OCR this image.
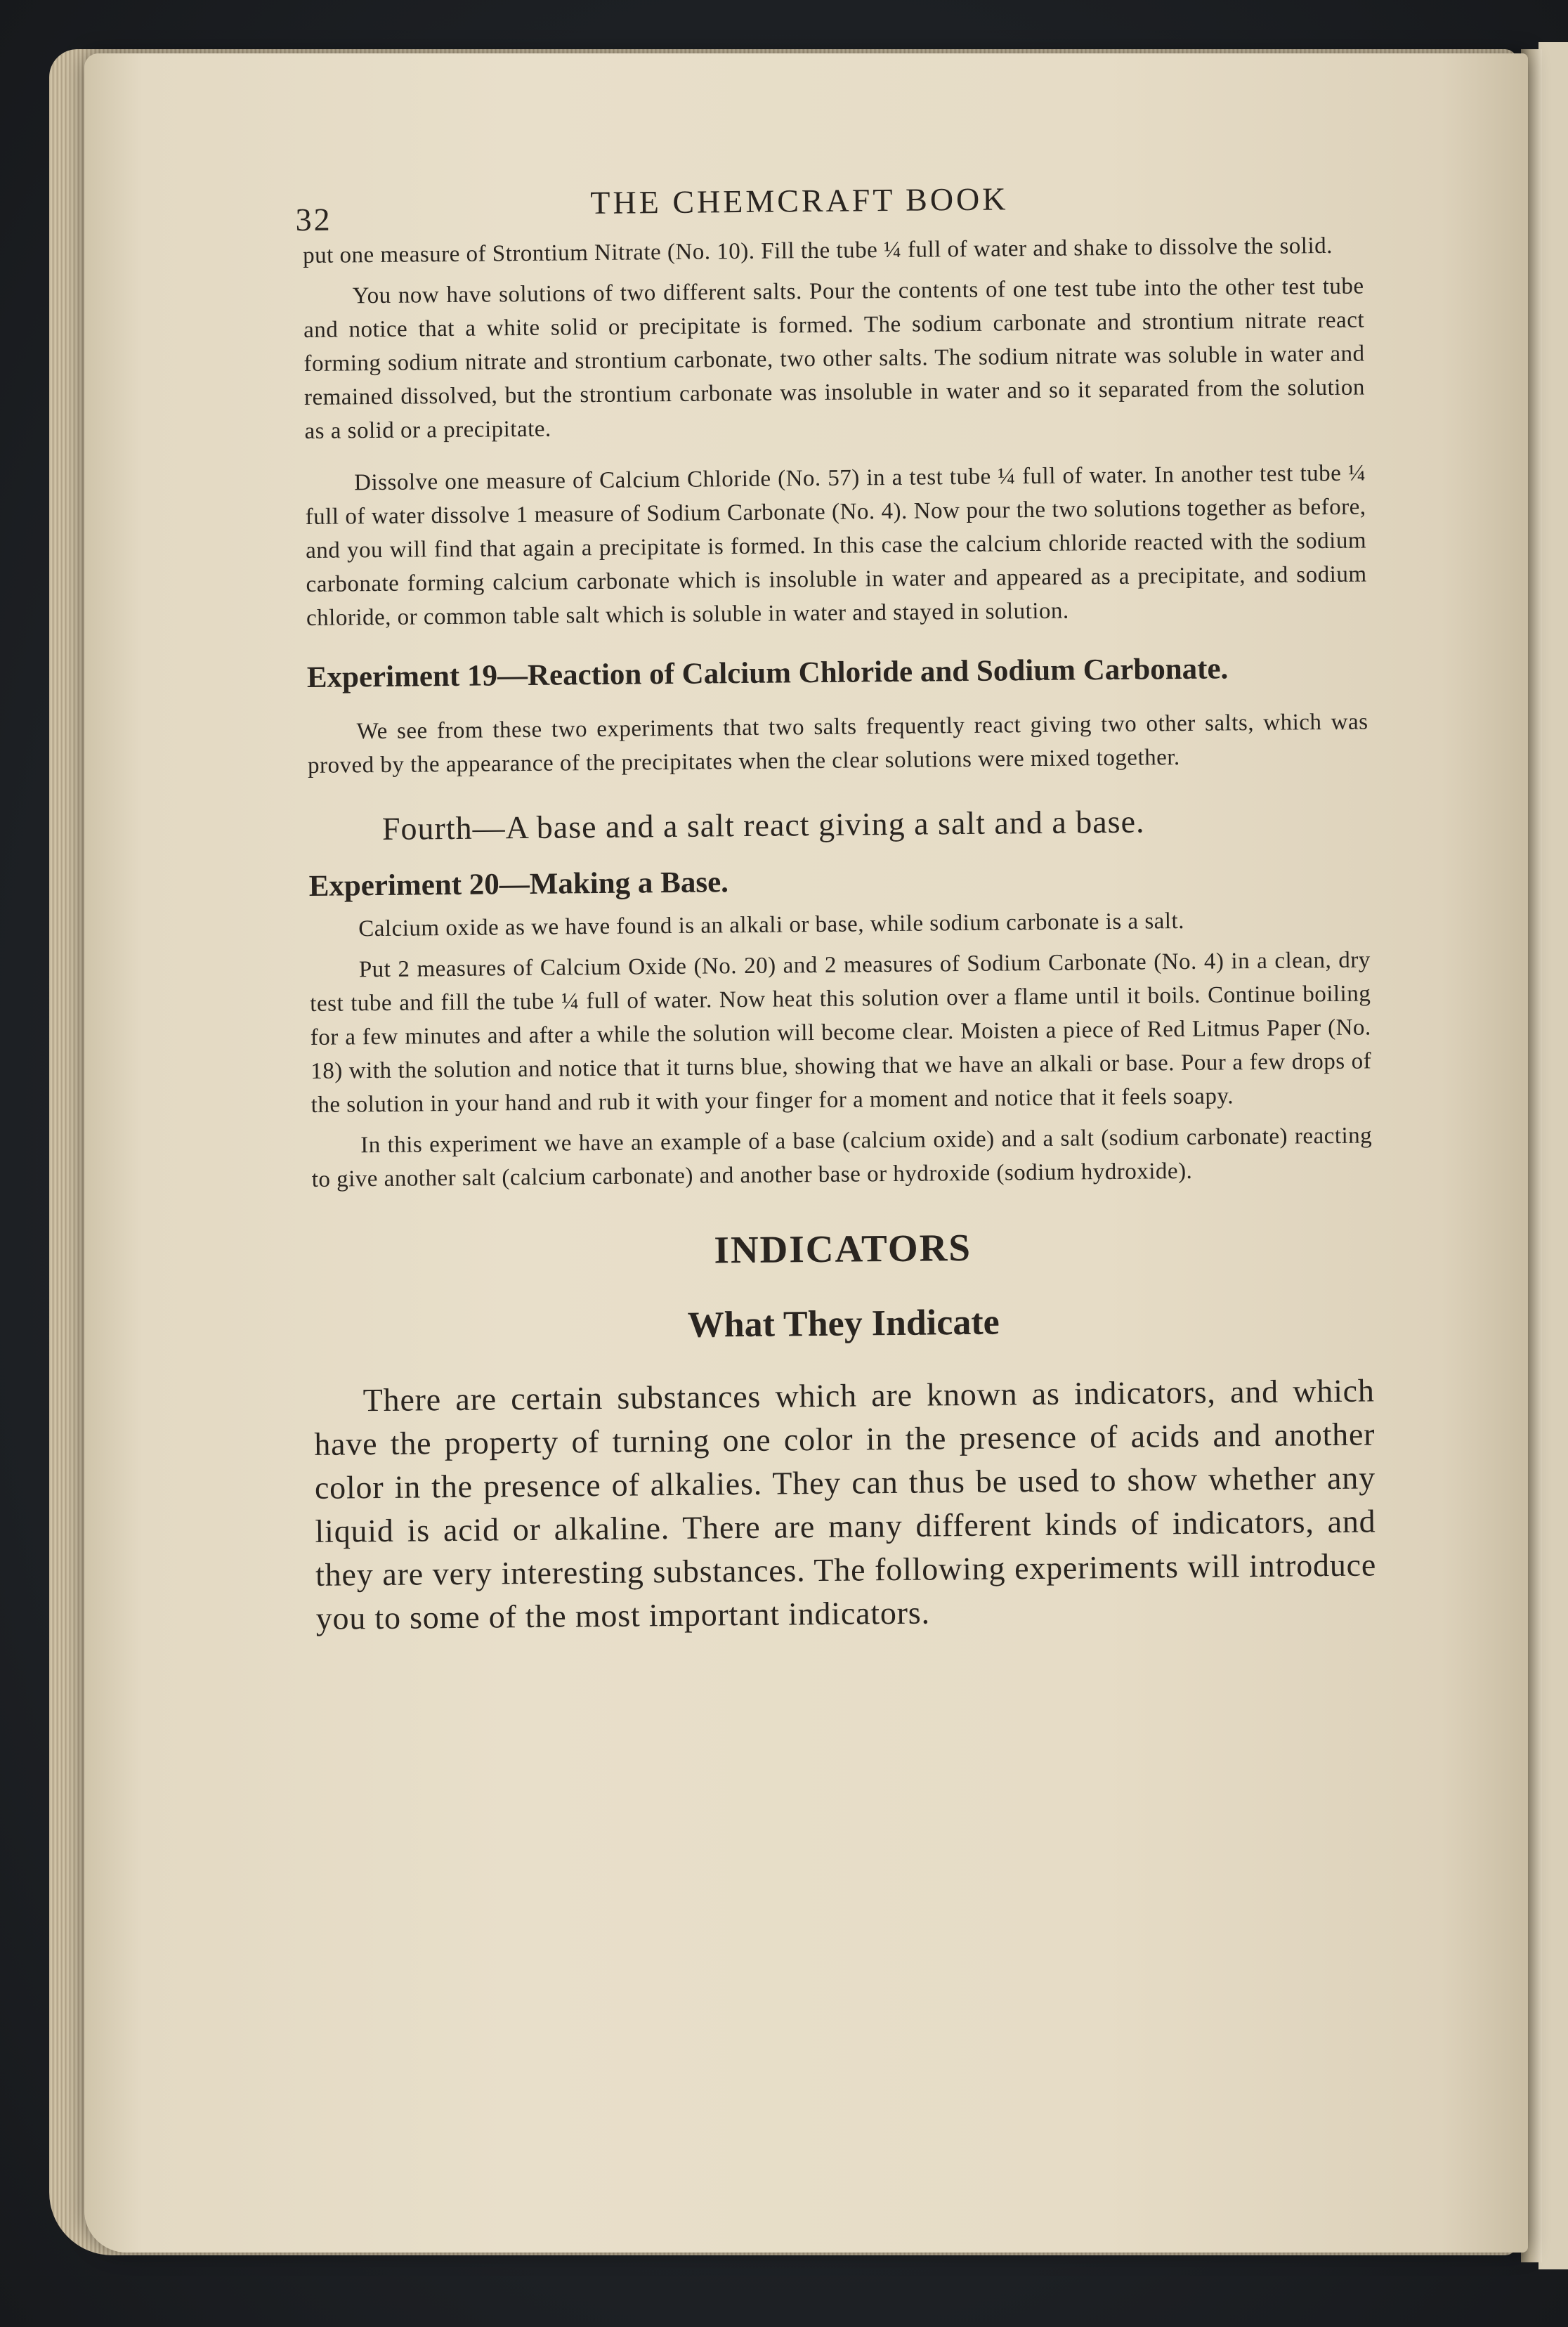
32	THE CHEMCRAFT BOOK

put one measure of Strontium Nitrate (No. 10). Fill the tube ¼ full of water and shake to dissolve the solid.

You now have solutions of two different salts. Pour the contents of one test tube into the other test tube and notice that a white solid or precipitate is formed. The sodium carbonate and strontium nitrate react forming sodium nitrate and strontium carbonate, two other salts. The sodium nitrate was soluble in water and remained dissolved, but the strontium carbonate was insoluble in water and so it separated from the solution as a solid or a precipitate.

Dissolve one measure of Calcium Chloride (No. 57) in a test tube ¼ full of water. In another test tube ¼ full of water dissolve 1 measure of Sodium Carbonate (No. 4). Now pour the two solutions together as before, and you will find that again a precipitate is formed. In this case the calcium chloride reacted with the sodium carbonate forming calcium carbonate which is insoluble in water and appeared as a precipitate, and sodium chloride, or common table salt which is soluble in water and stayed in solution.

Experiment 19—Reaction of Calcium Chloride and Sodium Carbonate.

We see from these two experiments that two salts frequently react giving two other salts, which was proved by the appearance of the precipitates when the clear solutions were mixed together.

Fourth—A base and a salt react giving a salt and a base.
Experiment 20—Making a Base.

Calcium oxide as we have found is an alkali or base, while sodium carbonate is a salt.

Put 2 measures of Calcium Oxide (No. 20) and 2 measures of Sodium Carbonate (No. 4) in a clean, dry test tube and fill the tube ¼ full of water. Now heat this solution over a flame until it boils. Continue boiling for a few minutes and after a while the solution will become clear. Moisten a piece of Red Litmus Paper (No. 18) with the solution and notice that it turns blue, showing that we have an alkali or base. Pour a few drops of the solution in your hand and rub it with your finger for a moment and notice that it feels soapy.

In this experiment we have an example of a base (calcium oxide) and a salt (sodium carbonate) reacting to give another salt (calcium carbonate) and another base or hydroxide (sodium hydroxide).

INDICATORS
What They Indicate

There are certain substances which are known as indicators, and which have the property of turning one color in the presence of acids and another color in the presence of alkalies. They can thus be used to show whether any liquid is acid or alkaline. There are many different kinds of indicators, and they are very interesting substances. The following experiments will introduce you to some of the most important indicators.
